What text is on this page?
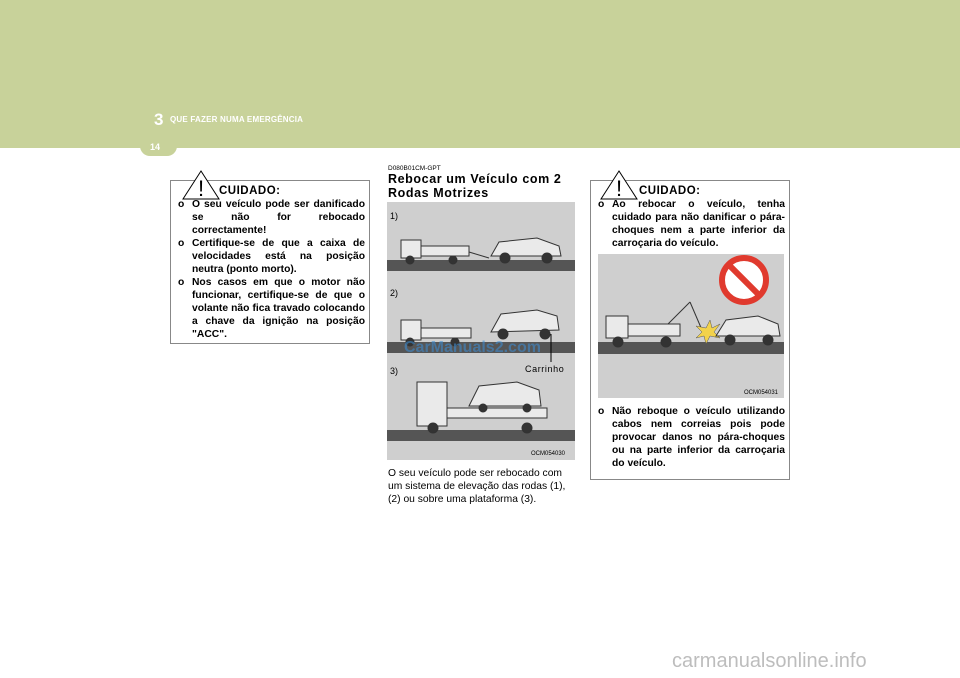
3 QUE FAZER NUMA EMERGÊNCIA
14
! CUIDADO:
o O seu veículo pode ser danificado se não for rebocado correctamente!
o Certifique-se de que a caixa de velocidades está na posição neutra (ponto morto).
o Nos casos em que o motor não funcionar, certifique-se de que o volante não fica travado colocando a chave da ignição na posição "ACC".
D080B01CM-GPT
Rebocar um Veículo com 2 Rodas Motrizes
1)
2)
3)	Carrinho
OCM054030
CarManuals2.com
O seu veículo pode ser rebocado com um sistema de elevação das rodas (1), (2) ou sobre uma plataforma (3).
! CUIDADO:
o Ao rebocar o veículo, tenha cuidado para não danificar o pára-choques nem a parte inferior da carroçaria do veículo.
OCM054031
o Não reboque o veículo utilizando cabos nem correias pois pode provocar danos no pára-choques ou na parte inferior da carroçaria do veículo.
carmanualsonline.info
